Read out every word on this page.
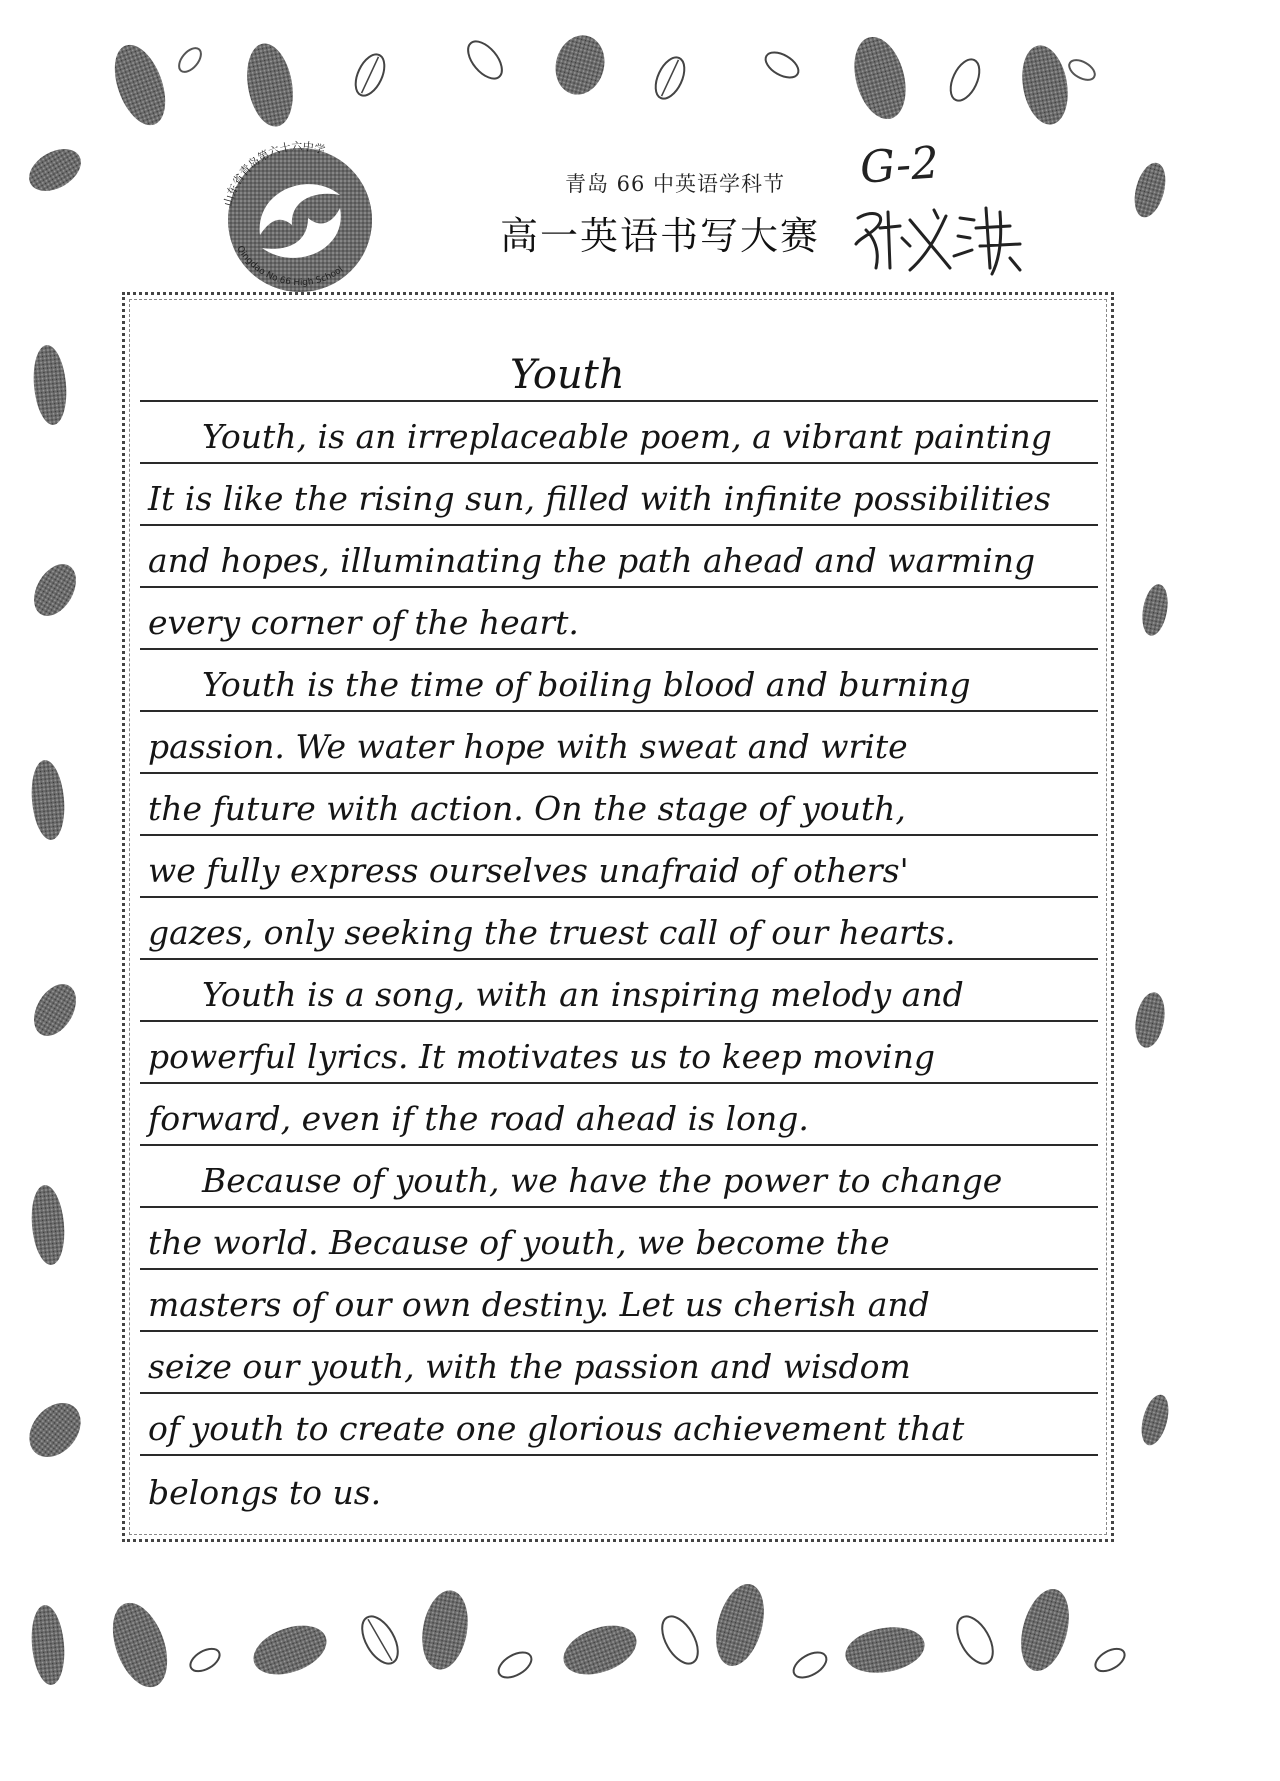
山东省青岛第六十六中学
Qingdao No.66 High School
青岛 66 中英语学科节
高一英语书写大赛
G-2
Youth
Youth, is an irreplaceable poem, a vibrant painting
It is like the rising sun, filled with infinite possibilities
and hopes, illuminating the path ahead and warming
every corner of the heart.
Youth is the time of boiling blood and burning
passion. We water hope with sweat and write
the future with action. On the stage of youth,
we fully express ourselves unafraid of others'
gazes, only seeking the truest call of our hearts.
Youth is a song, with an inspiring melody and
powerful lyrics. It motivates us to keep moving
forward, even if the road ahead is long.
Because of youth, we have the power to change
the world. Because of youth, we become the
masters of our own destiny. Let us cherish and
seize our youth, with the passion and wisdom
of youth to create one glorious achievement that
belongs to us.
